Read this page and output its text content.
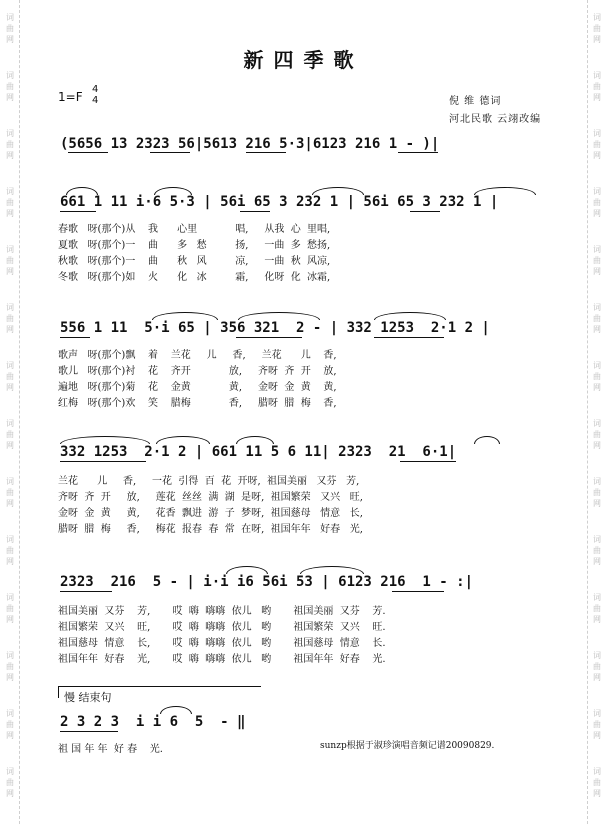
词 曲 网
词 曲 网
词 曲 网
词 曲 网
词 曲 网
词 曲 网
词 曲 网
词 曲 网
词 曲 网
词 曲 网
词 曲 网
词 曲 网
词 曲 网
词 曲 网
词 曲 网
词 曲 网
词 曲 网
词 曲 网
词 曲 网
词 曲 网
词 曲 网
词 曲 网
词 曲 网
词 曲 网
词 曲 网
词 曲 网
词 曲 网
词 曲 网
新四季歌
1=F
4
4	倪 维 德词
河北民歌 云翊改编
(5656 13 2323 56|5613 216 5·3|6123 216 1 - )|
661 1 11 i·6 5·3 | 56i 65 3 232 1 | 56i 65 3 232 1 |
春歌   呀(那个)从    我      心里            唱,     从我  心  里唱,
夏歌   呀(那个)一    曲      多   愁         扬,     一曲  多  愁扬,
秋歌   呀(那个)一    曲      秋   风         凉,     一曲  秋  风凉,
冬歌   呀(那个)如    火      化   冰         霜,     化呀  化  冰霜,
556 1 11  5·i 65 | 356 321  2 - | 332 1253  2·1 2 |
歌声   呀(那个)飘    着    兰花     儿     香,     兰花      儿    香,
歌儿   呀(那个)衬    花    齐开            放,     齐呀  齐  开    放,
遍地   呀(那个)菊    花    金黄            黄,     金呀  金  黄    黄,
红梅   呀(那个)欢    笑    腊梅            香,     腊呀  腊  梅    香,
332 1253  2·1 2 | 661 11 5 6 11| 2323  21  6·1|
兰花      儿     香,     一花  引得  百  花  开呀,  祖国美丽   又芬   芳,
齐呀  齐  开     放,     莲花  丝丝  满  湖  是呀,  祖国繁荣   又兴   旺,
金呀  金  黄     黄,     花香  飘进  游  子  梦呀,  祖国慈母   情意   长,
腊呀  腊  梅     香,     梅花  报春  春  常  在呀,  祖国年年   好春   光,
2323  216  5 - | i·i i6 56i 53 | 6123 216  1 - :|
祖国美丽  又芬    芳,       哎  嗨  嗨嗨  依儿   哟       祖国美丽  又芬    芳.
祖国繁荣  又兴    旺,       哎  嗨  嗨嗨  依儿   哟       祖国繁荣  又兴    旺.
祖国慈母  情意    长,       哎  嗨  嗨嗨  依儿   哟       祖国慈母  情意    长.
祖国年年  好春    光,       哎  嗨  嗨嗨  依儿   哟       祖国年年  好春    光.
慢 结束句
2 3 2 3  i i 6  5  - ‖
祖 国 年 年  好 春    光.	sunzp根据于淑珍演唱音频记谱20090829.
